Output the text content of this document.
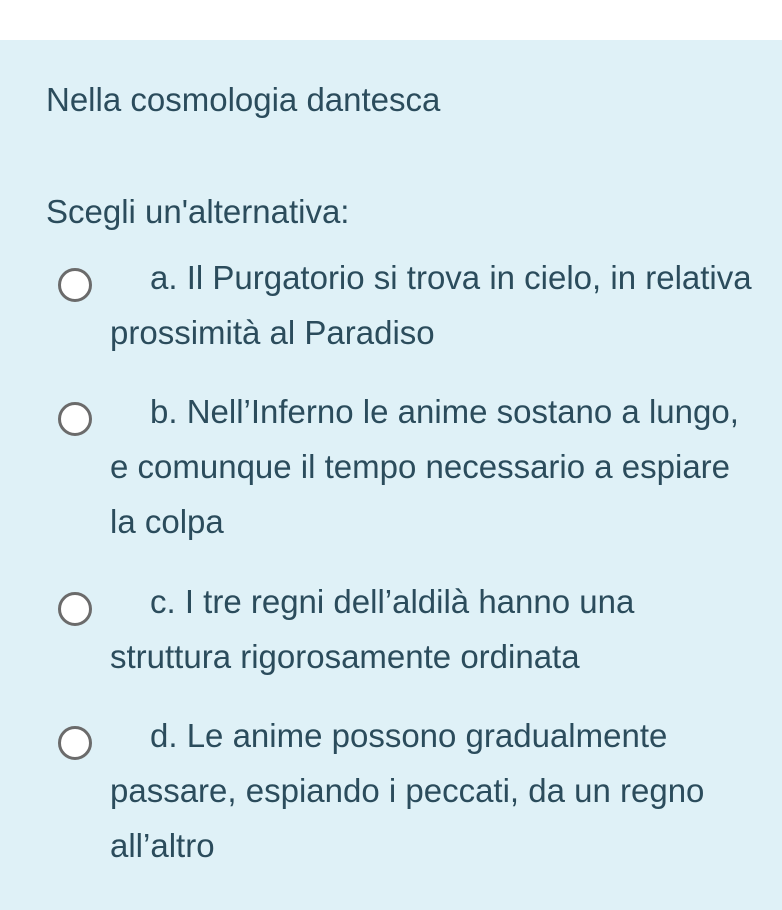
Nella cosmologia dantesca

Scegli un'alternativa:

a. Il Purgatorio si trova in cielo, in relativa prossimità al Paradiso
b. Nell’Inferno le anime sostano a lungo, e comunque il tempo necessario a espiare la colpa
c. I tre regni dell’aldilà hanno una struttura rigorosamente ordinata
d. Le anime possono gradualmente passare, espiando i peccati, da un regno all’altro
